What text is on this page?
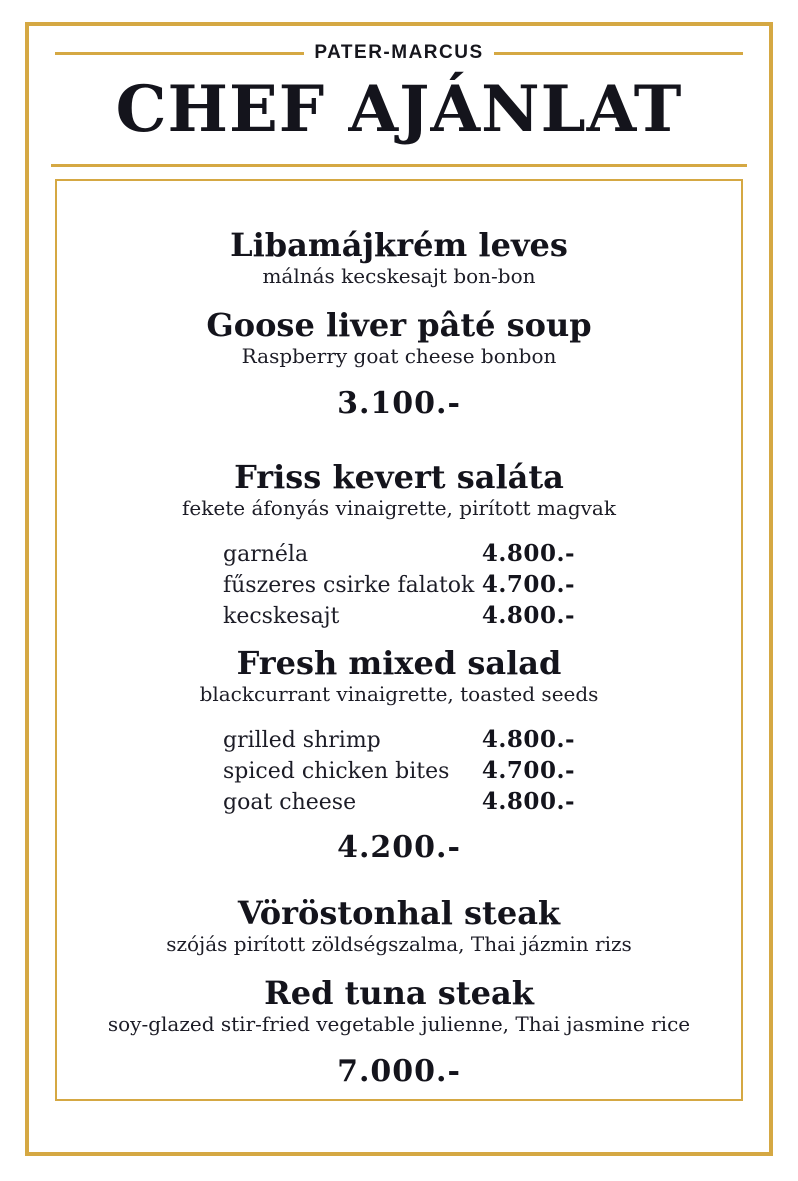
PATER-MARCUS
CHEF AJÁNLAT
Libamájkrém leves
málnás kecskesajt bon-bon
Goose liver pâté soup
Raspberry goat cheese bonbon
3.100.-
Friss kevert saláta
fekete áfonyás vinaigrette, pirított magvak
garnéla	4.800.-
fűszeres csirke falatok 4.700.-
kecskesajt	4.800.-
Fresh mixed salad
blackcurrant vinaigrette, toasted seeds
grilled shrimp	4.800.-
spiced chicken bites 4.700.-
goat cheese	4.800.-
4.200.-
Vöröstonhal steak
szójás pirított zöldségszalma, Thai jázmin rizs
Red tuna steak
soy-glazed stir-fried vegetable julienne, Thai jasmine rice
7.000.-
